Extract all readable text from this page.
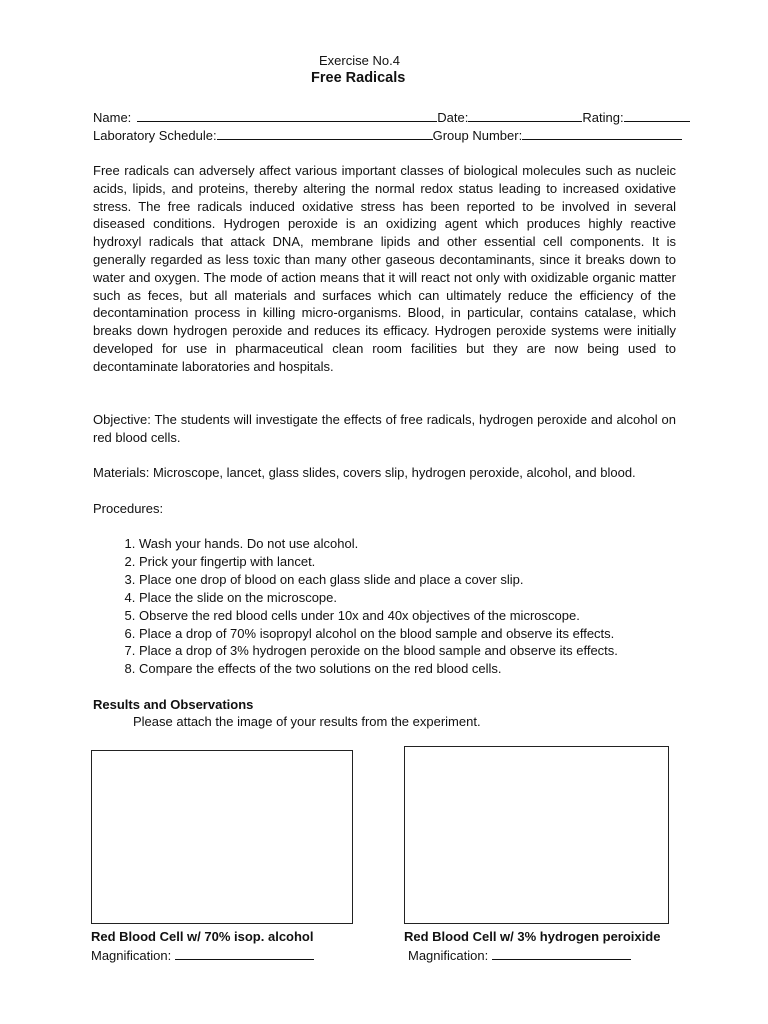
Exercise No.4
Free Radicals
Name:	Date:	Rating:
Laboratory Schedule:	Group Number:
Free radicals can adversely affect various important classes of biological molecules such as nucleic acids, lipids, and proteins, thereby altering the normal redox status leading to increased oxidative stress. The free radicals induced oxidative stress has been reported to be involved in several diseased conditions. Hydrogen peroxide is an oxidizing agent which produces highly reactive hydroxyl radicals that attack DNA, membrane lipids and other essential cell components. It is generally regarded as less toxic than many other gaseous decontaminants, since it breaks down to water and oxygen. The mode of action means that it will react not only with oxidizable organic matter such as feces, but all materials and surfaces which can ultimately reduce the efficiency of the decontamination process in killing micro-organisms. Blood, in particular, contains catalase, which breaks down hydrogen peroxide and reduces its efficacy. Hydrogen peroxide systems were initially developed for use in pharmaceutical clean room facilities but they are now being used to decontaminate laboratories and hospitals.
Objective: The students will investigate the effects of free radicals, hydrogen peroxide and alcohol on red blood cells.
Materials: Microscope, lancet, glass slides, covers slip, hydrogen peroxide, alcohol, and blood.
Procedures:
1. Wash your hands. Do not use alcohol.
2. Prick your fingertip with lancet.
3. Place one drop of blood on each glass slide and place a cover slip.
4. Place the slide on the microscope.
5. Observe the red blood cells under 10x and 40x objectives of the microscope.
6. Place a drop of 70% isopropyl alcohol on the blood sample and observe its effects.
7. Place a drop of 3% hydrogen peroxide on the blood sample and observe its effects.
8. Compare the effects of the two solutions on the red blood cells.
Results and Observations
Please attach the image of your results from the experiment.
Red Blood Cell w/ 70% isop. alcohol
Magnification:
Red Blood Cell w/ 3% hydrogen peroixide
Magnification:
